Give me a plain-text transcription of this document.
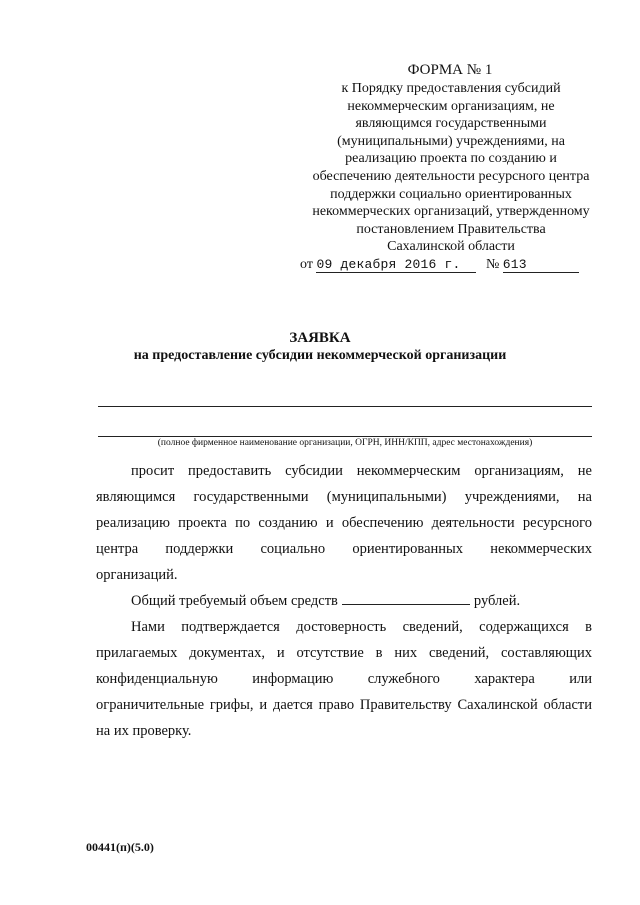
ФОРМА № 1
к Порядку предоставления субсидий
некоммерческим организациям, не
являющимся государственными
(муниципальными) учреждениями, на
реализацию проекта по созданию и
обеспечению деятельности ресурсного центра
поддержки социально ориентированных
некоммерческих организаций, утвержденному
постановлением Правительства
Сахалинской области
от 09 декабря 2016 г. № 613
ЗАЯВКА
на предоставление субсидии некоммерческой организации
(полное фирменное наименование организации, ОГРН, ИНН/КПП, адрес местонахождения)
просит предоставить субсидии некоммерческим организациям, не
являющимся государственными (муниципальными) учреждениями, на
реализацию проекта по созданию и обеспечению деятельности ресурсного
центра поддержки социально ориентированных некоммерческих
организаций.
Общий требуемый объем средств	рублей.
Нами подтверждается достоверность сведений, содержащихся в
прилагаемых документах, и отсутствие в них сведений, составляющих
конфиденциальную информацию служебного характера или
ограничительные грифы, и дается право Правительству Сахалинской области
на их проверку.
00441(п)(5.0)
